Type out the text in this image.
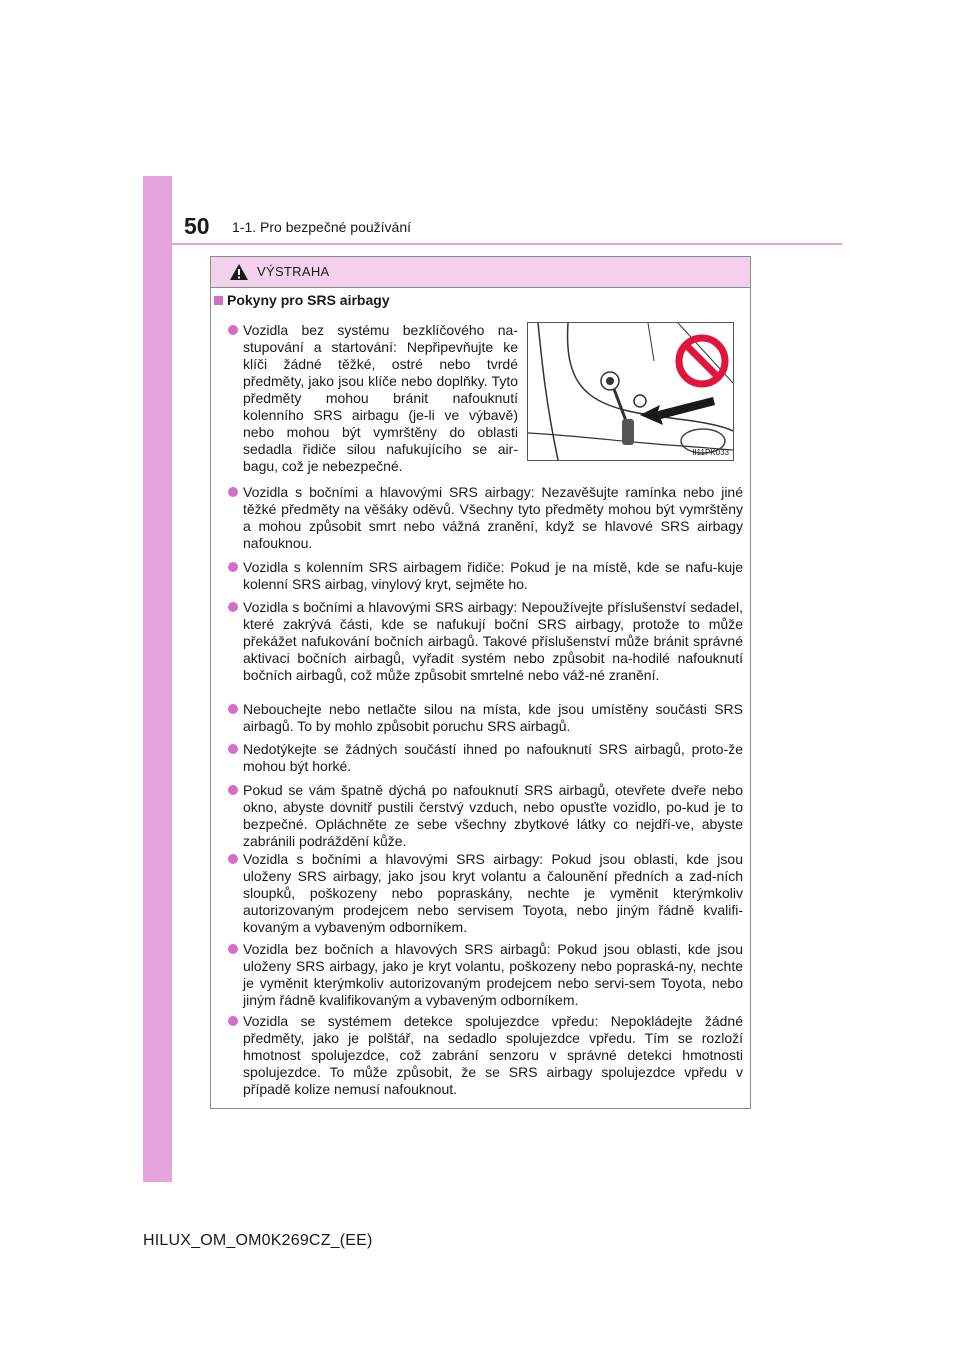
50 1-1. Pro bezpečné používání
VÝSTRAHA
Pokyny pro SRS airbagy
Vozidla bez systému bezklíčového na-stupování a startování: Nepřipevňujte ke klíči žádné těžké, ostré nebo tvrdé předměty, jako jsou klíče nebo doplňky. Tyto předměty mohou bránit nafouknutí kolenního SRS airbagu (je-li ve výbavě) nebo mohou být vymrštěny do oblasti sedadla řidiče silou nafukujícího se air-bagu, což je nebezpečné.
II11PK033
Vozidla s bočními a hlavovými SRS airbagy: Nezavěšujte ramínka nebo jiné těžké předměty na věšáky oděvů. Všechny tyto předměty mohou být vymrštěny a mohou způsobit smrt nebo vážná zranění, když se hlavové SRS airbagy nafouknou.
Vozidla s kolenním SRS airbagem řidiče: Pokud je na místě, kde se nafu-kuje kolenní SRS airbag, vinylový kryt, sejměte ho.
Vozidla s bočními a hlavovými SRS airbagy: Nepoužívejte příslušenství sedadel, které zakrývá části, kde se nafukují boční SRS airbagy, protože to může překážet nafukování bočních airbagů. Takové příslušenství může bránit správné aktivaci bočních airbagů, vyřadit systém nebo způsobit na-hodilé nafouknutí bočních airbagů, což může způsobit smrtelné nebo váž-né zranění.
Nebouchejte nebo netlačte silou na místa, kde jsou umístěny součásti SRS airbagů. To by mohlo způsobit poruchu SRS airbagů.
Nedotýkejte se žádných součástí ihned po nafouknutí SRS airbagů, proto-že mohou být horké.
Pokud se vám špatně dýchá po nafouknutí SRS airbagů, otevřete dveře nebo okno, abyste dovnitř pustili čerstvý vzduch, nebo opusťte vozidlo, po-kud je to bezpečné. Opláchněte ze sebe všechny zbytkové látky co nejdří-ve, abyste zabránili podráždění kůže.
Vozidla s bočními a hlavovými SRS airbagy: Pokud jsou oblasti, kde jsou uloženy SRS airbagy, jako jsou kryt volantu a čalounění předních a zad-ních sloupků, poškozeny nebo popraskány, nechte je vyměnit kterýmkoliv autorizovaným prodejcem nebo servisem Toyota, nebo jiným řádně kvalifi-kovaným a vybaveným odborníkem.
Vozidla bez bočních a hlavových SRS airbagů: Pokud jsou oblasti, kde jsou uloženy SRS airbagy, jako je kryt volantu, poškozeny nebo popraská-ny, nechte je vyměnit kterýmkoliv autorizovaným prodejcem nebo servi-sem Toyota, nebo jiným řádně kvalifikovaným a vybaveným odborníkem.
Vozidla se systémem detekce spolujezdce vpředu: Nepokládejte žádné předměty, jako je polštář, na sedadlo spolujezdce vpředu. Tím se rozloží hmotnost spolujezdce, což zabrání senzoru v správné detekci hmotnosti spolujezdce. To může způsobit, že se SRS airbagy spolujezdce vpředu v případě kolize nemusí nafouknout.
HILUX_OM_OM0K269CZ_(EE)
